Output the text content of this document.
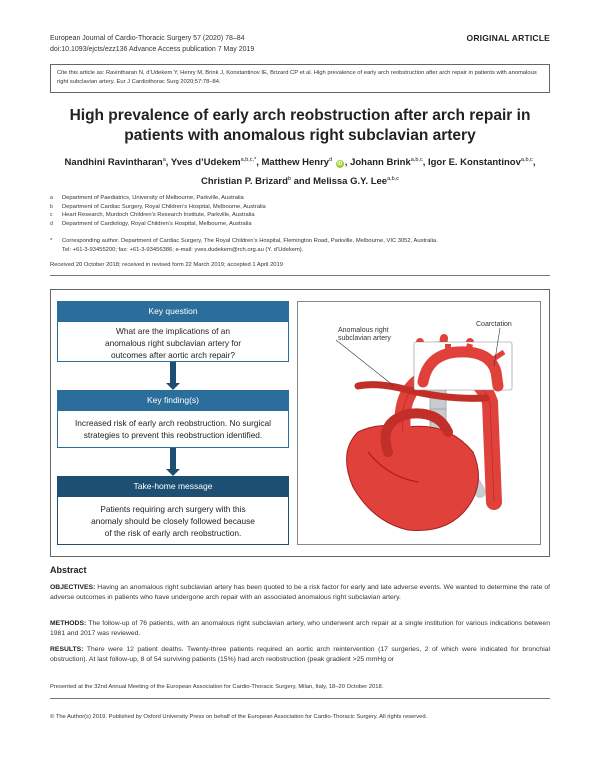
European Journal of Cardio-Thoracic Surgery 57 (2020) 78–84
doi:10.1093/ejcts/ezz136 Advance Access publication 7 May 2019
ORIGINAL ARTICLE
Cite this article as: Ravintharan N, d’Udekem Y, Henry M, Brink J, Konstantinov IE, Brizard CP et al. High prevalence of early arch reobstruction after arch repair in patients with anomalous right subclavian artery. Eur J Cardiothorac Surg 2020;57:78–84.
High prevalence of early arch reobstruction after arch repair in patients with anomalous right subclavian artery
Nandhini Ravintharan$^a$, Yves d’Udekem$^{a,b,c,*}$, Matthew Henry$^d$ iD , Johann Brink$^{a,b,c}$, Igor E. Konstantinov$^{a,b,c}$,
Christian P. Brizard$^b$ and Melissa G.Y. Lee$^{a,b,c}$
a	Department of Paediatrics, University of Melbourne, Parkville, Australia
b	Department of Cardiac Surgery, Royal Children’s Hospital, Melbourne, Australia
c	Heart Research, Murdoch Children’s Research Institute, Parkville, Australia
d	Department of Cardiology, Royal Children’s Hospital, Melbourne, Australia
*	Corresponding author. Department of Cardiac Surgery, The Royal Children’s Hospital, Flemington Road, Parkville, Melbourne, VIC 3052, Australia.
Tel: +61-3-93455200; fax: +61-3-93456386; e-mail: yves.dudekem@rch.org.au (Y. d’Udekem).
Received 20 October 2018; received in revised form 22 March 2019; accepted 1 April 2019
Key question
What are the implications of an
anomalous right subclavian artery for
outcomes after aortic arch repair?
Key finding(s)
Increased risk of early arch reobstruction. No surgical
strategies to prevent this reobstruction identified.
Take-home message
Patients requiring arch surgery with this
anomaly should be closely followed because
of the risk of early arch reobstruction.
Coarctation
Anomalous right
subclavian artery
Ao
Abstract
OBJECTIVES: Having an anomalous right subclavian artery has been quoted to be a risk factor for early and late adverse events. We wanted to determine the rate of adverse outcomes in patients who have undergone arch repair with an associated anomalous right subclavian artery.
METHODS: The follow-up of 76 patients, with an anomalous right subclavian artery, who underwent arch repair at a single institution for various indications between 1981 and 2017 was reviewed.
RESULTS: There were 12 patient deaths. Twenty-three patients required an aortic arch reintervention (17 surgeries, 2 of which were indicated for bronchial obstruction). At last follow-up, 8 of 54 surviving patients (15%) had arch reobstruction (peak gradient >25 mmHg or
Presented at the 32nd Annual Meeting of the European Association for Cardio-Thoracic Surgery, Milan, Italy, 18–20 October 2018.
© The Author(s) 2019. Published by Oxford University Press on behalf of the European Association for Cardio-Thoracic Surgery. All rights reserved.
